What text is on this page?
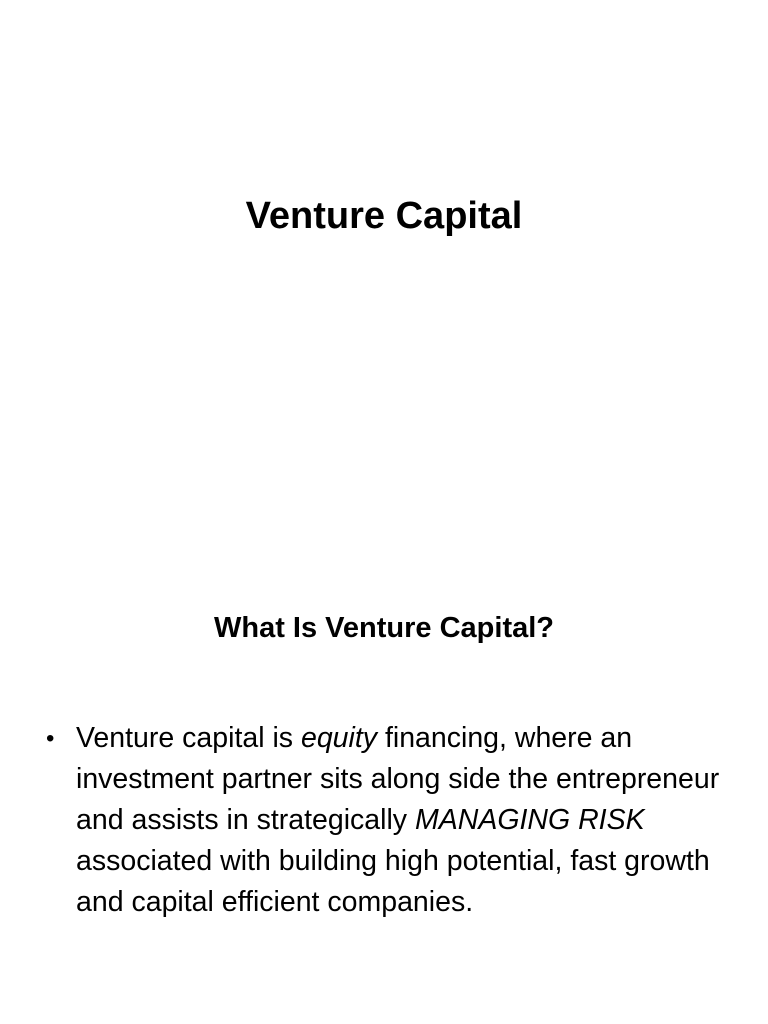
Venture Capital
What Is Venture Capital?
• Venture capital is equity financing, where an investment partner sits along side the entrepreneur and assists in strategically MANAGING RISK associated with building high potential, fast growth and capital efficient companies.
